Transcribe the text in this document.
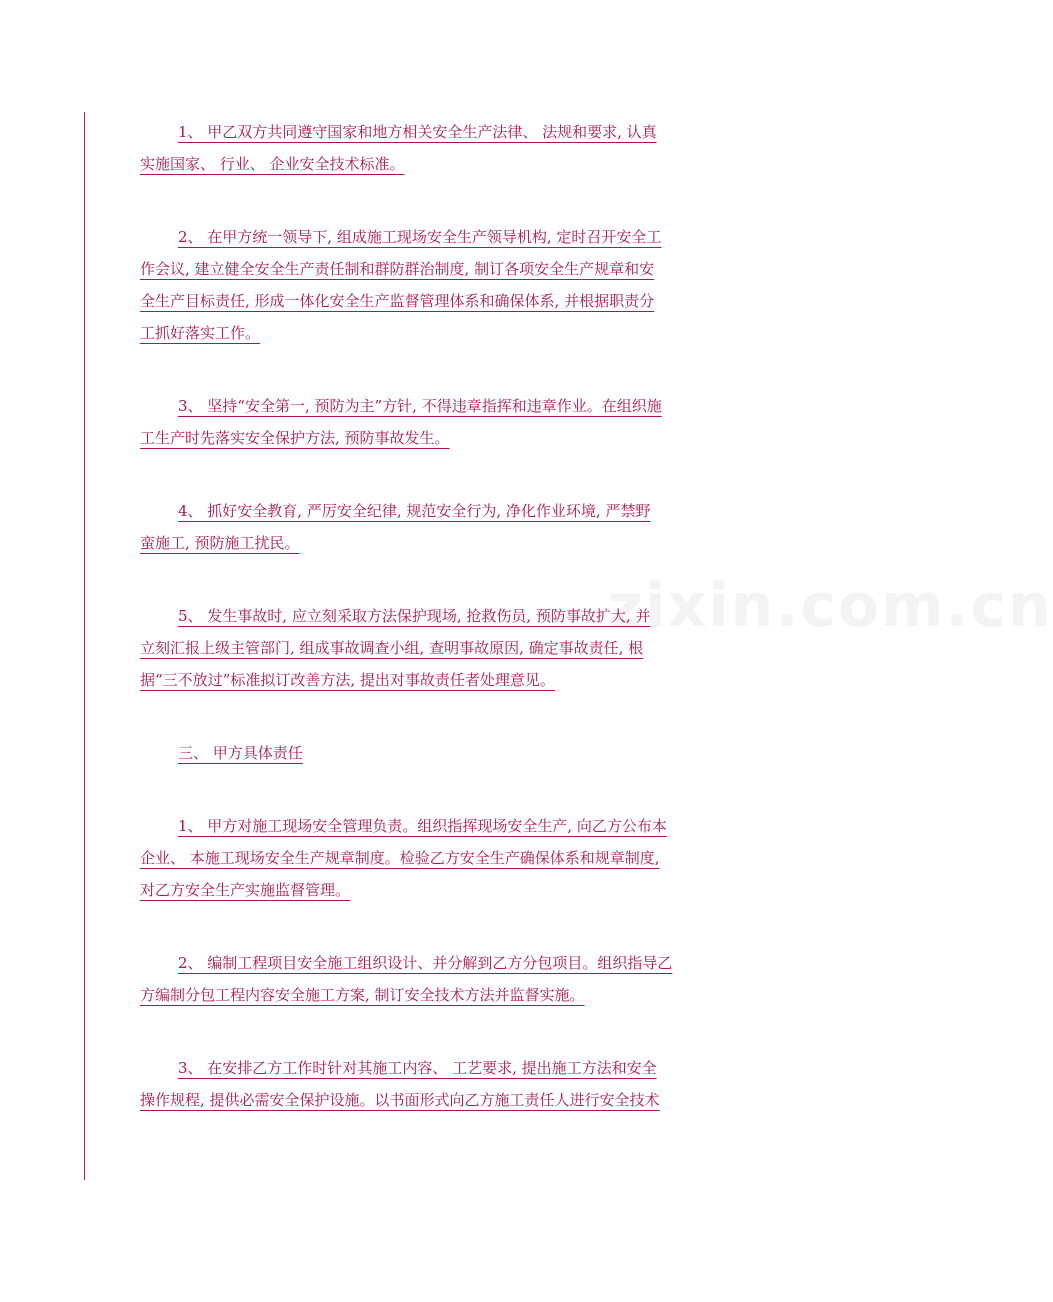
zixin.com.cn
1、 甲乙双方共同遵守国家和地方相关安全生产法律、 法规和要求, 认真
实施国家、 行业、 企业安全技术标准。
2、 在甲方统一领导下, 组成施工现场安全生产领导机构, 定时召开安全工
作会议, 建立健全安全生产责任制和群防群治制度, 制订各项安全生产规章和安
全生产目标责任, 形成一体化安全生产监督管理体系和确保体系, 并根据职责分
工抓好落实工作。
3、 坚持“安全第一, 预防为主”方针, 不得违章指挥和违章作业。在组织施
工生产时先落实安全保护方法, 预防事故发生。
4、 抓好安全教育, 严厉安全纪律, 规范安全行为, 净化作业环境, 严禁野
蛮施工, 预防施工扰民。
5、 发生事故时, 应立刻采取方法保护现场, 抢救伤员, 预防事故扩大, 并
立刻汇报上级主管部门, 组成事故调查小组, 查明事故原因, 确定事故责任, 根
据“三不放过”标准拟订改善方法, 提出对事故责任者处理意见。
三、 甲方具体责任
1、 甲方对施工现场安全管理负责。组织指挥现场安全生产, 向乙方公布本
企业、 本施工现场安全生产规章制度。检验乙方安全生产确保体系和规章制度,
对乙方安全生产实施监督管理。
2、 编制工程项目安全施工组织设计、并分解到乙方分包项目。组织指导乙
方编制分包工程内容安全施工方案, 制订安全技术方法并监督实施。
3、 在安排乙方工作时针对其施工内容、 工艺要求, 提出施工方法和安全
操作规程, 提供必需安全保护设施。以书面形式向乙方施工责任人进行安全技术
